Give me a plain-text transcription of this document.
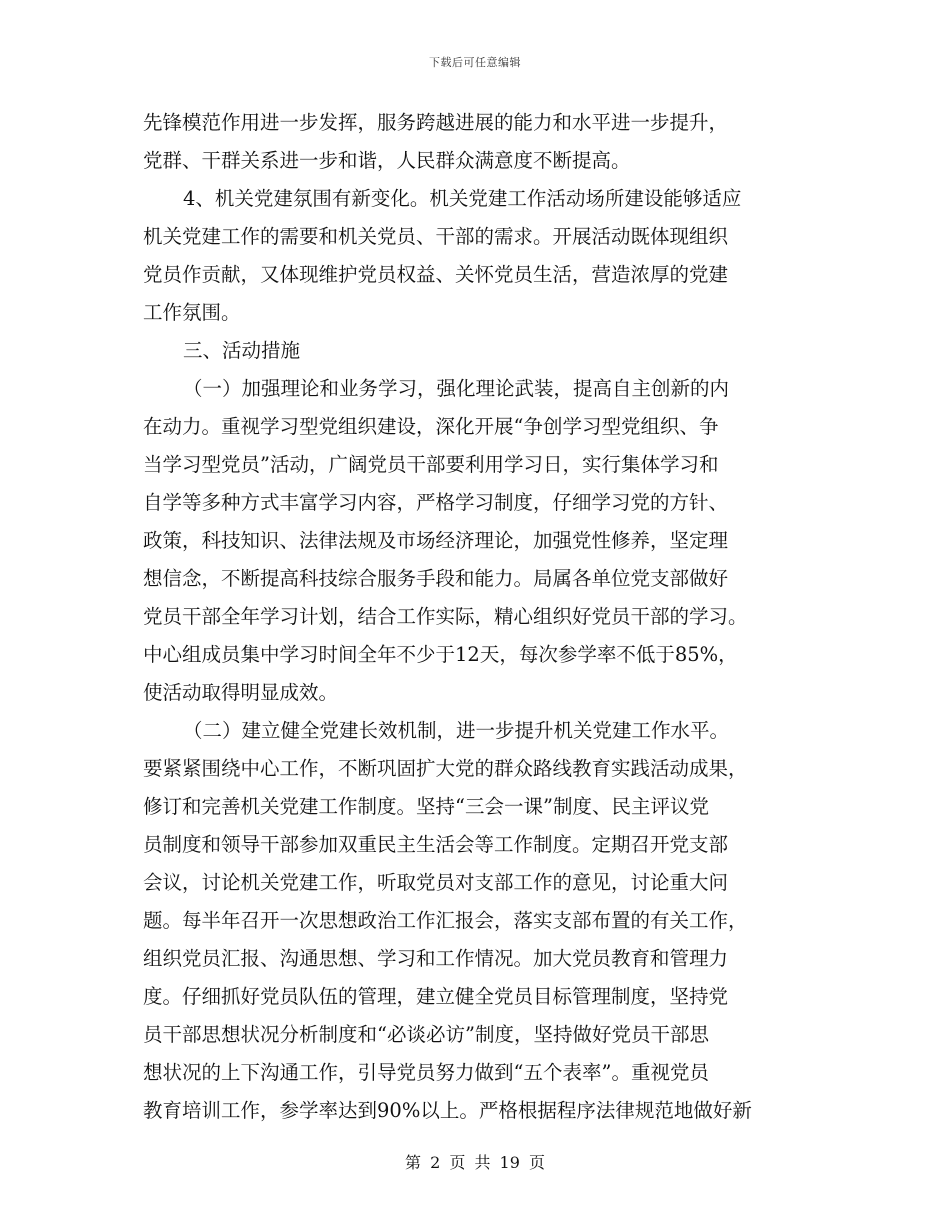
下载后可任意编辑
先锋模范作用进一步发挥，服务跨越进展的能力和水平进一步提升，
党群、干群关系进一步和谐，人民群众满意度不断提高。
4、机关党建氛围有新变化。机关党建工作活动场所建设能够适应
机关党建工作的需要和机关党员、干部的需求。开展活动既体现组织
党员作贡献，又体现维护党员权益、关怀党员生活，营造浓厚的党建
工作氛围。
三、活动措施
（一）加强理论和业务学习，强化理论武装，提高自主创新的内
在动力。重视学习型党组织建设，深化开展“争创学习型党组织、争
当学习型党员”活动，广阔党员干部要利用学习日，实行集体学习和
自学等多种方式丰富学习内容，严格学习制度，仔细学习党的方针、
政策，科技知识、法律法规及市场经济理论，加强党性修养，坚定理
想信念，不断提高科技综合服务手段和能力。局属各单位党支部做好
党员干部全年学习计划，结合工作实际，精心组织好党员干部的学习。
中心组成员集中学习时间全年不少于12天，每次参学率不低于85%，
使活动取得明显成效。
（二）建立健全党建长效机制，进一步提升机关党建工作水平。
要紧紧围绕中心工作，不断巩固扩大党的群众路线教育实践活动成果，
修订和完善机关党建工作制度。坚持“三会一课”制度、民主评议党
员制度和领导干部参加双重民主生活会等工作制度。定期召开党支部
会议，讨论机关党建工作，听取党员对支部工作的意见，讨论重大问
题。每半年召开一次思想政治工作汇报会，落实支部布置的有关工作，
组织党员汇报、沟通思想、学习和工作情况。加大党员教育和管理力
度。仔细抓好党员队伍的管理，建立健全党员目标管理制度，坚持党
员干部思想状况分析制度和“必谈必访”制度，坚持做好党员干部思
想状况的上下沟通工作，引导党员努力做到“五个表率”。重视党员
教育培训工作，参学率达到90%以上。严格根据程序法律规范地做好新
第 2 页 共 19 页
